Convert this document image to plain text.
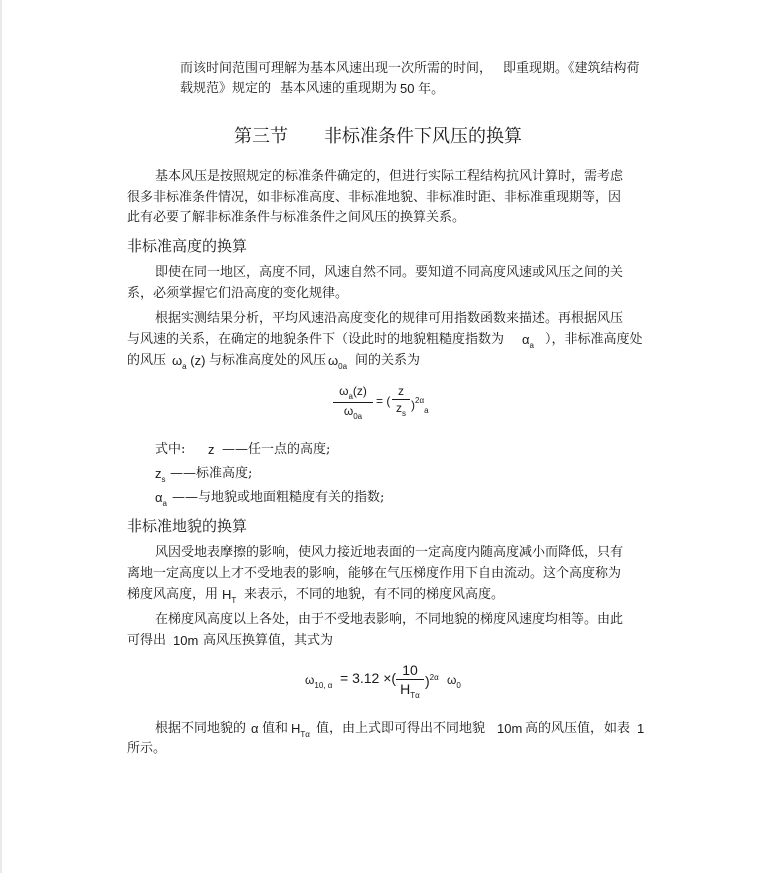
而该时间范围可理解为基本风速出现一次所需的时间， 即重现期。《建筑结构荷
载规范》规定的 基本风速的重现期为 50 年。
第三节　　非标准条件下风压的换算
基本风压是按照规定的标准条件确定的，但进行实际工程结构抗风计算时，需考虑
很多非标准条件情况，如非标准高度、非标准地貌、非标准时距、非标准重现期等，因
此有必要了解非标准条件与标准条件之间风压的换算关系。
非标准高度的换算
即使在同一地区，高度不同，风速自然不同。要知道不同高度风速或风压之间的关
系，必须掌握它们沿高度的变化规律。
根据实测结果分析，平均风速沿高度变化的规律可用指数函数来描述。再根据风压
与风速的关系，在确定的地貌条件下（设此时的地貌粗糙度指数为 $\alpha_a$ ），非标准高度处
的风压 $\omega_a$ (z) 与标准高度处的风压 $\omega_{0a}$ 间的关系为
$\omega_a(z)$
$\omega_{0a}$
= (
z
$z_s$
)$^{2\alpha}_a$
式中: z ——任一点的高度;
$z_s$ ——标准高度;
$\alpha_a$ ——与地貌或地面粗糙度有关的指数;
非标准地貌的换算
风因受地表摩擦的影响，使风力接近地表面的一定高度内随高度减小而降低，只有
离地一定高度以上才不受地表的影响，能够在气压梯度作用下自由流动。这个高度称为
梯度风高度，用 $H_T$ 来表示，不同的地貌，有不同的梯度风高度。
在梯度风高度以上各处，由于不受地表影响，不同地貌的梯度风速度均相等。由此
可得出 10m 高风压换算值，其式为
$\omega_{10, \alpha} = 3.12$ ×( 10
$H_{T\alpha}$
)$^{2\alpha}$ $\omega_0$
根据不同地貌的 α 值和 $H_{T\alpha}$ 值，由上式即可得出不同地貌 10m 高的风压值， 如表 1
所示。
